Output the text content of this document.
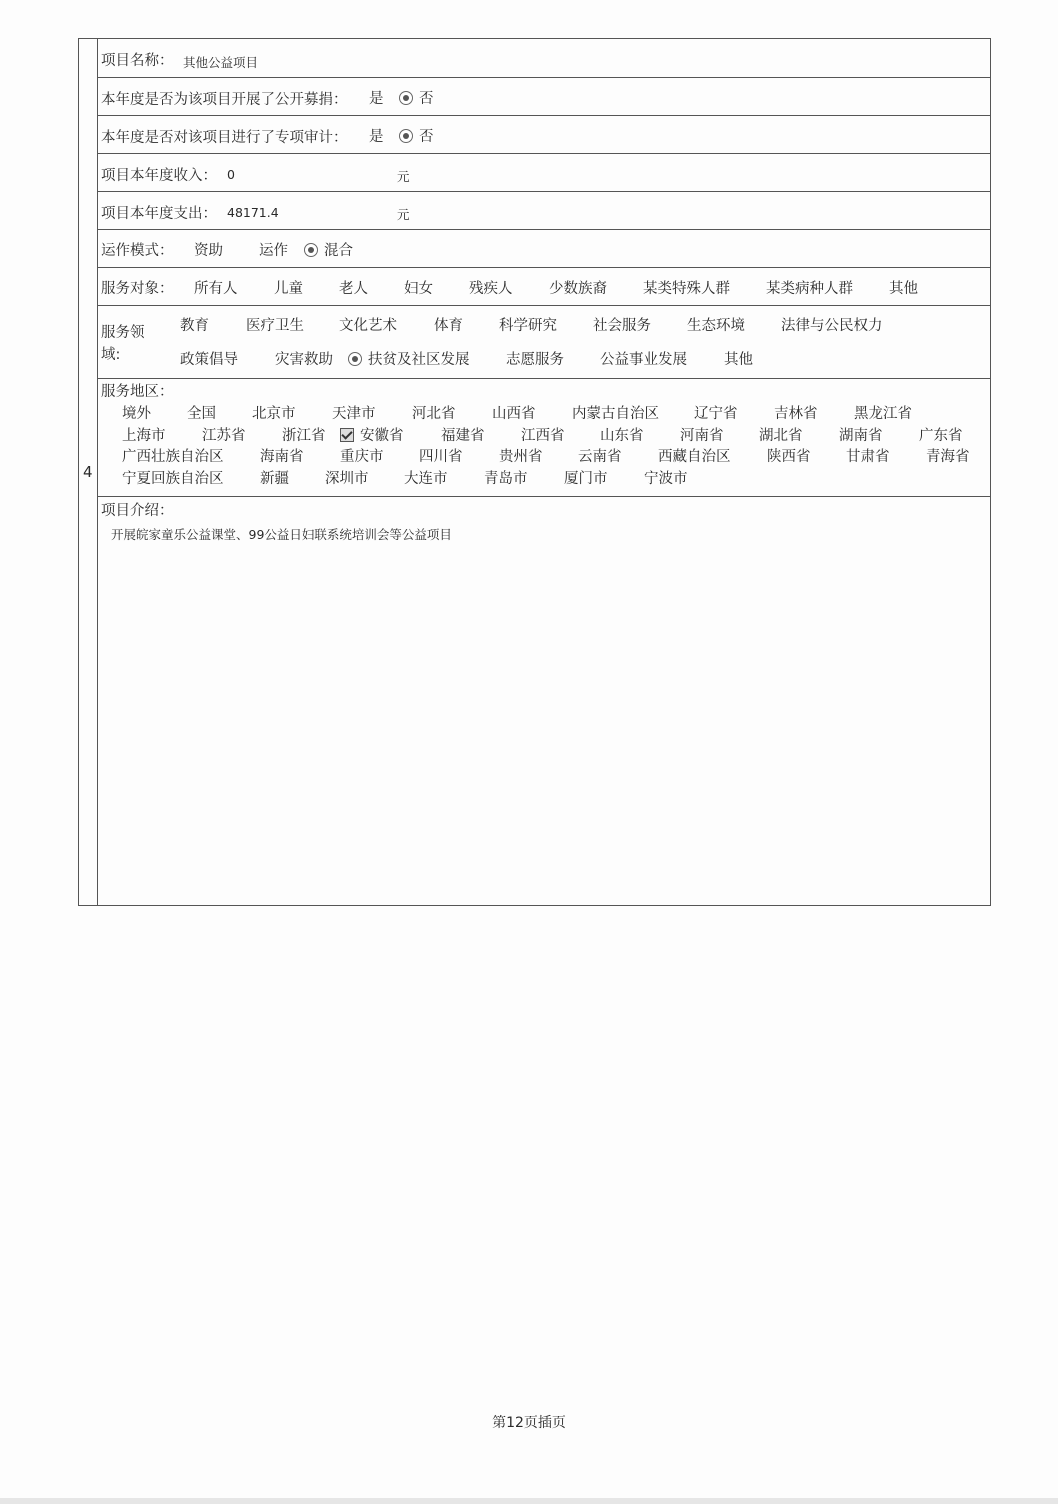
4
项目名称： 其他公益项目
本年度是否为该项目开展了公开募捐： 是	否
本年度是否对该项目进行了专项审计： 是	否
项目本年度收入： 0	元
项目本年度支出： 48171.4	元
运作模式： 资助 运作	混合
服务对象： 所有人	儿童 老人 妇女 残疾人	少数族裔 某类特殊人群 某类病种人群 其他
服务领
域:
教育	医疗卫生 文化艺术	体育 科学研究 社会服务 生态环境 法律与公民权力
政策倡导	灾害救助	扶贫及社区发展	志愿服务 公益事业发展	其他
服务地区：
境外 全国 北京市	天津市	河北省	山西省	内蒙古自治区 辽宁省	吉林省	黑龙江省
上海市	江苏省	浙江省	安徽省	福建省	江西省 山东省	河南省 湖北省	湖南省	广东省
广西壮族自治区	海南省	重庆市 四川省	贵州省 云南省	西藏自治区	陕西省 甘肃省	青海省
宁夏回族自治区	新疆 深圳市 大连市	青岛市	厦门市	宁波市
项目介绍：
开展皖家童乐公益课堂、99公益日妇联系统培训会等公益项目
第12页插页
